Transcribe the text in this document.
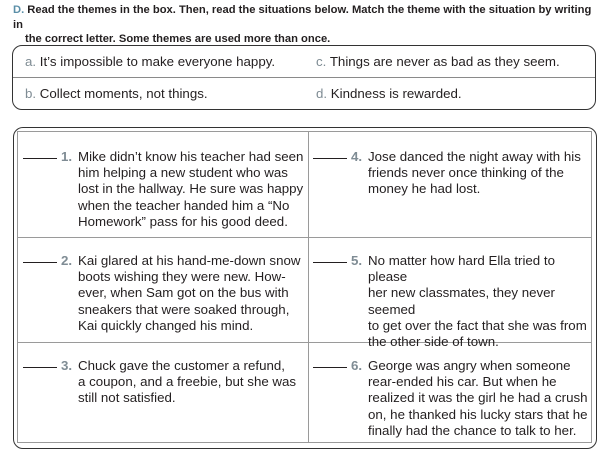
D. Read the themes in the box. Then, read the situations below. Match the theme with the situation by writing in
the correct letter. Some themes are used more than once.
a. It’s impossible to make everyone happy.	c. Things are never as bad as they seem.
b. Collect moments, not things.	d. Kindness is rewarded.
1. Mike didn’t know his teacher had seen
him helping a new student who was
lost in the hallway. He sure was happy
when the teacher handed him a “No
Homework” pass for his good deed.
2. Kai glared at his hand-me-down snow
boots wishing they were new. How-
ever, when Sam got on the bus with
sneakers that were soaked through,
Kai quickly changed his mind.
3. Chuck gave the customer a refund,
a coupon, and a freebie, but she was
still not satisfied.
4. Jose danced the night away with his
friends never once thinking of the
money he had lost.
5. No matter how hard Ella tried to please
her new classmates, they never seemed
to get over the fact that she was from
the other side of town.
6. George was angry when someone
rear-ended his car. But when he
realized it was the girl he had a crush
on, he thanked his lucky stars that he
finally had the chance to talk to her.
